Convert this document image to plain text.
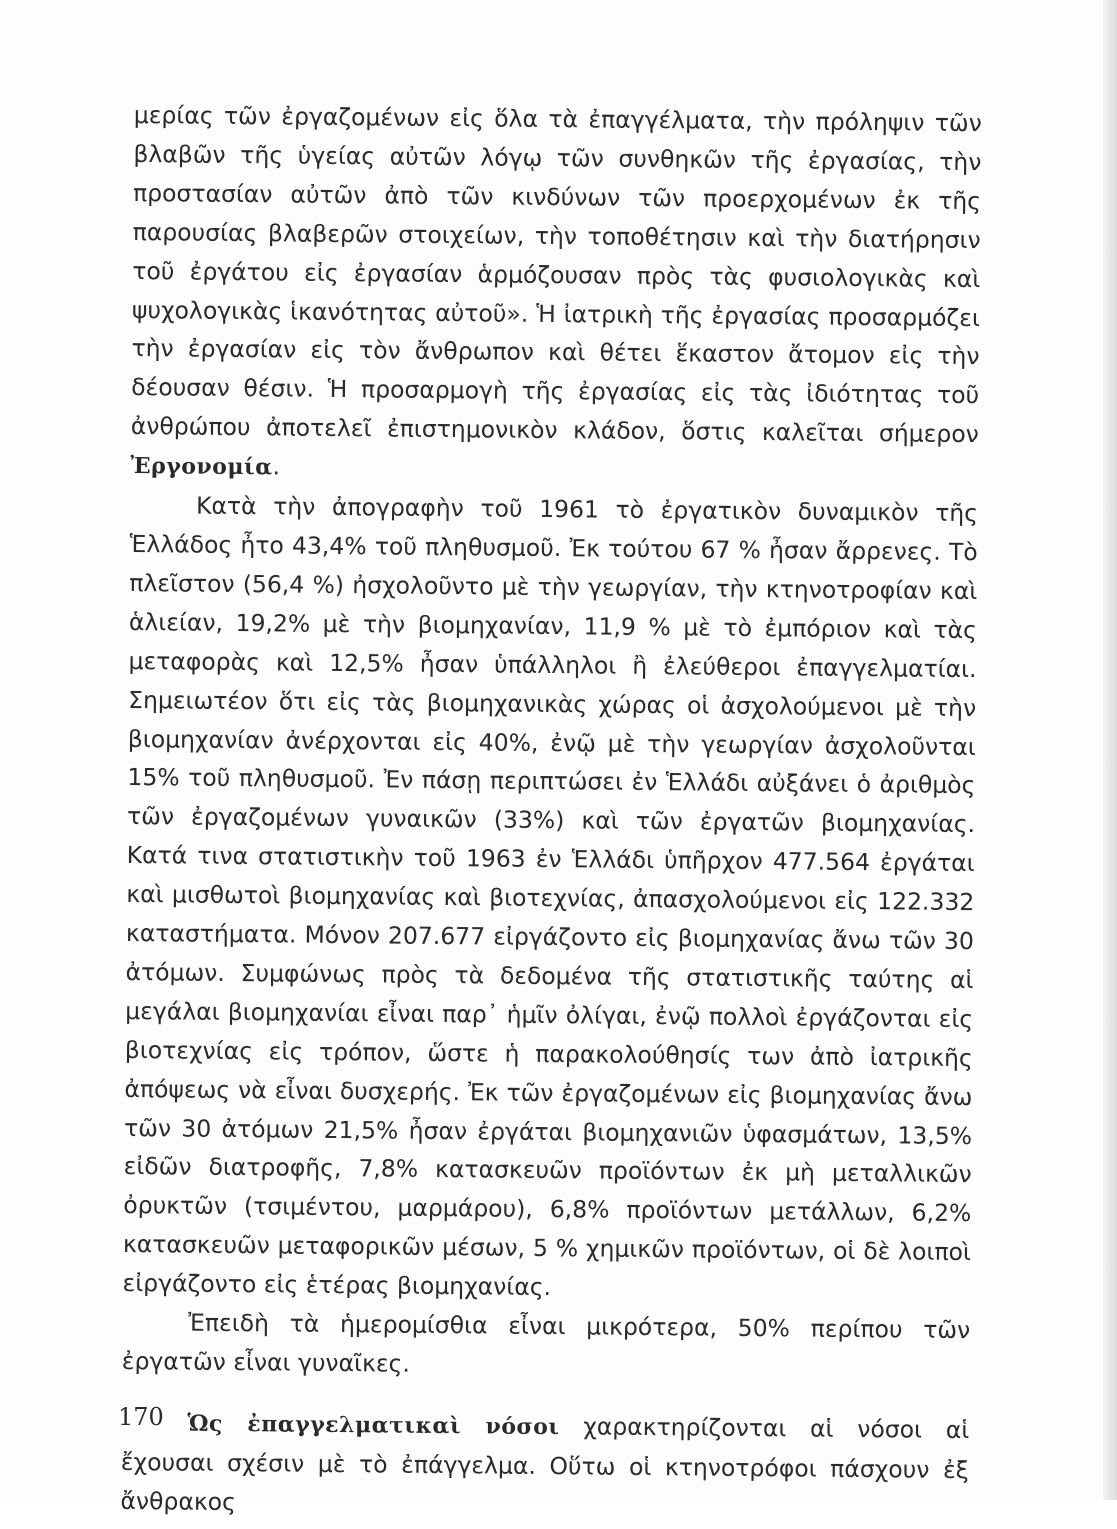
μερίας τῶν ἐργαζομένων εἰς ὅλα τὰ ἐπαγγέλματα, τὴν πρόληψιν τῶν βλαβῶν τῆς ὑγείας αὐτῶν λόγῳ τῶν συνθηκῶν τῆς ἐργασίας, τὴν προστασίαν αὐτῶν ἀπὸ τῶν κινδύνων τῶν προερχομένων ἐκ τῆς παρουσίας βλαβερῶν στοιχείων, τὴν τοποθέτησιν καὶ τὴν διατήρησιν τοῦ ἐργάτου εἰς ἐργασίαν ἁρμόζουσαν πρὸς τὰς φυσιολογικὰς καὶ ψυχολογικὰς ἱκανότητας αὐτοῦ». Ἡ ἰατρικὴ τῆς ἐργασίας προσαρμόζει τὴν ἐργασίαν εἰς τὸν ἄνθρωπον καὶ θέτει ἕκαστον ἄτομον εἰς τὴν δέουσαν θέσιν. Ἡ προσαρμογὴ τῆς ἐργασίας εἰς τὰς ἰδιότητας τοῦ ἀνθρώπου ἀποτελεῖ ἐπιστημονικὸν κλάδον, ὅστις καλεῖται σήμερον Ἐργονομία.

Κατὰ τὴν ἀπογραφὴν τοῦ 1961 τὸ ἐργατικὸν δυναμικὸν τῆς Ἑλλάδος ἦτο 43,4% τοῦ πληθυσμοῦ. Ἐκ τούτου 67 % ἦσαν ἄρρενες. Τὸ πλεῖστον (56,4 %) ἠσχολοῦντο μὲ τὴν γεωργίαν, τὴν κτηνοτροφίαν καὶ ἁλιείαν, 19,2% μὲ τὴν βιομηχανίαν, 11,9 % μὲ τὸ ἐμπόριον καὶ τὰς μεταφορὰς καὶ 12,5% ἦσαν ὑπάλληλοι ἢ ἐλεύθεροι ἐπαγγελματίαι. Σημειωτέον ὅτι εἰς τὰς βιομηχανικὰς χώρας οἱ ἀσχολούμενοι μὲ τὴν βιομηχανίαν ἀνέρχονται εἰς 40%, ἐνῷ μὲ τὴν γεωργίαν ἀσχολοῦνται 15% τοῦ πληθυσμοῦ. Ἐν πάσῃ περιπτώσει ἐν Ἑλλάδι αὐξάνει ὁ ἀριθμὸς τῶν ἐργαζομένων γυναικῶν (33%) καὶ τῶν ἐργατῶν βιομηχανίας. Κατά τινα στατιστικὴν τοῦ 1963 ἐν Ἑλλάδι ὑπῆρχον 477.564 ἐργάται καὶ μισθωτοὶ βιομηχανίας καὶ βιοτεχνίας, ἀπασχολούμενοι εἰς 122.332 καταστήματα. Μόνον 207.677 εἰργάζοντο εἰς βιομηχανίας ἄνω τῶν 30 ἀτόμων. Συμφώνως πρὸς τὰ δεδομένα τῆς στατιστικῆς ταύτης αἱ μεγάλαι βιομηχανίαι εἶναι παρ᾽ ἡμῖν ὀλίγαι, ἐνῷ πολλοὶ ἐργάζονται εἰς βιοτεχνίας εἰς τρόπον, ὥστε ἡ παρακολούθησίς των ἀπὸ ἰατρικῆς ἀπόψεως νὰ εἶναι δυσχερής. Ἐκ τῶν ἐργαζομένων εἰς βιομηχανίας ἄνω τῶν 30 ἀτόμων 21,5% ἦσαν ἐργάται βιομηχανιῶν ὑφασμάτων, 13,5% εἰδῶν διατροφῆς, 7,8% κατασκευῶν προϊόντων ἐκ μὴ μεταλλικῶν ὀρυκτῶν (τσιμέντου, μαρμάρου), 6,8% προϊόντων μετάλλων, 6,2% κατασκευῶν μεταφορικῶν μέσων, 5 % χημικῶν προϊόντων, οἱ δὲ λοιποὶ εἰργάζοντο εἰς ἑτέρας βιομηχανίας.

Ἐπειδὴ τὰ ἡμερομίσθια εἶναι μικρότερα, 50% περίπου τῶν ἐργατῶν εἶναι γυναῖκες.

Ὡς ἐπαγγελματικαὶ νόσοι χαρακτηρίζονται αἱ νόσοι αἱ ἔχουσαι σχέσιν μὲ τὸ ἐπάγγελμα. Οὕτω οἱ κτηνοτρόφοι πάσχουν ἐξ ἄνθρακος

170
